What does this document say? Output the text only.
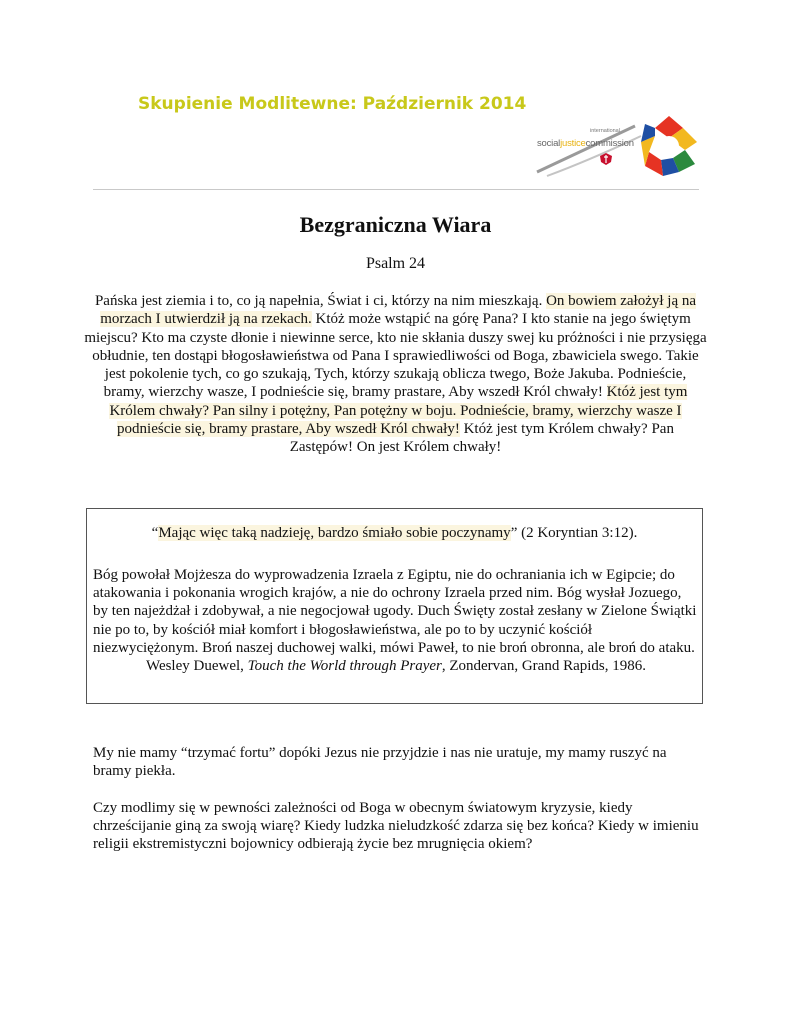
Skupienie Modlitewne: Październik 2014
international
socialjusticecommission
Bezgraniczna Wiara
Psalm 24
Pańska jest ziemia i to, co ją napełnia, Świat i ci, którzy na nim mieszkają. On bowiem założył ją na morzach I utwierdził ją na rzekach. Któż może wstąpić na górę Pana? I kto stanie na jego świętym miejscu? Kto ma czyste dłonie i niewinne serce, kto nie skłania duszy swej ku próżności i nie przysięga obłudnie, ten dostąpi błogosławieństwa od Pana I sprawiedliwości od Boga, zbawiciela swego. Takie jest pokolenie tych, co go szukają, Tych, którzy szukają oblicza twego, Boże Jakuba. Podnieście, bramy, wierzchy wasze, I podnieście się, bramy prastare, Aby wszedł Król chwały! Któż jest tym Królem chwały? Pan silny i potężny, Pan potężny w boju. Podnieście, bramy, wierzchy wasze I podnieście się, bramy prastare, Aby wszedł Król chwały! Któż jest tym Królem chwały? Pan Zastępów! On jest Królem chwały!
“Mając więc taką nadzieję, bardzo śmiało sobie poczynamy” (2 Koryntian 3:12).
Bóg powołał Mojżesza do wyprowadzenia Izraela z Egiptu, nie do ochraniania ich w Egipcie; do atakowania i pokonania wrogich krajów, a nie do ochrony Izraela przed nim. Bóg wysłał Jozuego, by ten najeżdżał i zdobywał, a nie negocjował ugody. Duch Święty został zesłany w Zielone Świątki nie po to, by kościół miał komfort i błogosławieństwa, ale po to by uczynić kościół niezwyciężonym. Broń naszej duchowej walki, mówi Paweł, to nie broń obronna, ale broń do ataku.
Wesley Duewel, Touch the World through Prayer, Zondervan, Grand Rapids, 1986.
My nie mamy “trzymać fortu” dopóki Jezus nie przyjdzie i nas nie uratuje, my mamy ruszyć na bramy piekła.
Czy modlimy się w pewności zależności od Boga w obecnym światowym kryzysie, kiedy chrześcijanie giną za swoją wiarę? Kiedy ludzka nieludzkość zdarza się bez końca? Kiedy w imieniu religii ekstremistyczni bojownicy odbierają życie bez mrugnięcia okiem?
